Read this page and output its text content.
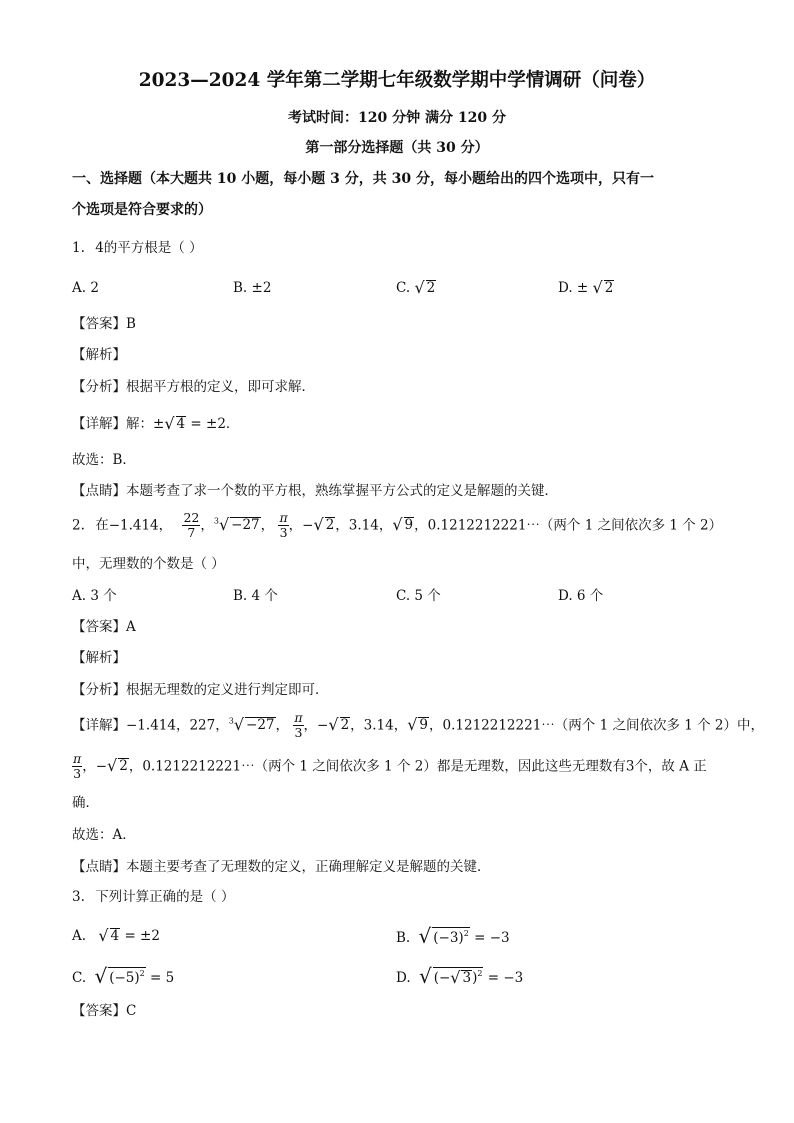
2023—2024 学年第二学期七年级数学期中学情调研（问卷）
考试时间：120 分钟 满分 120 分
第一部分选择题（共 30 分）
一、选择题（本大题共 10 小题，每小题 3 分，共 30 分，每小题给出的四个选项中，只有一
个选项是符合要求的）
1. 4的平方根是（ ）
A. 2	B. ±2	C. √ 2	D. ± √ 2
【答案】B
【解析】
【分析】根据平方根的定义，即可求解．
【详解】解：±√ 4 = ±2．
故选：B．
【点睛】本题考查了求一个数的平方根，熟练掌握平方公式的定义是解题的关键．
2. 在−1.414， $\frac{22}{7}$ ，$^3$√ −27， $\frac{\pi}{3}$ ，−√ 2，3.14，√ 9，0.1212212221⋯（两个 1 之间依次多 1 个 2）
中，无理数的个数是（ ）
A. 3 个	B. 4 个	C. 5 个	D. 6 个
【答案】A
【解析】
【分析】根据无理数的定义进行判定即可．
【详解】−1.414，227，$^3$√ −27， $\frac{\pi}{3}$ ，−√ 2，3.14，√ 9，0.1212212221⋯（两个 1 之间依次多 1 个 2）中，
$\frac{\pi}{3}$ ，−√ 2，0.1212212221⋯（两个 1 之间依次多 1 个 2）都是无理数，因此这些无理数有3个，故 A 正
确．
故选：A．
【点睛】本题主要考查了无理数的定义，正确理解定义是解题的关键．
3. 下列计算正确的是（ ）
A. √ 4 = ±2	B. √ $(-3)^2 = -3$
C. √ $(-5)^2 = 5$	D. √ (−√ 3)$^2$ = −3
【答案】C
